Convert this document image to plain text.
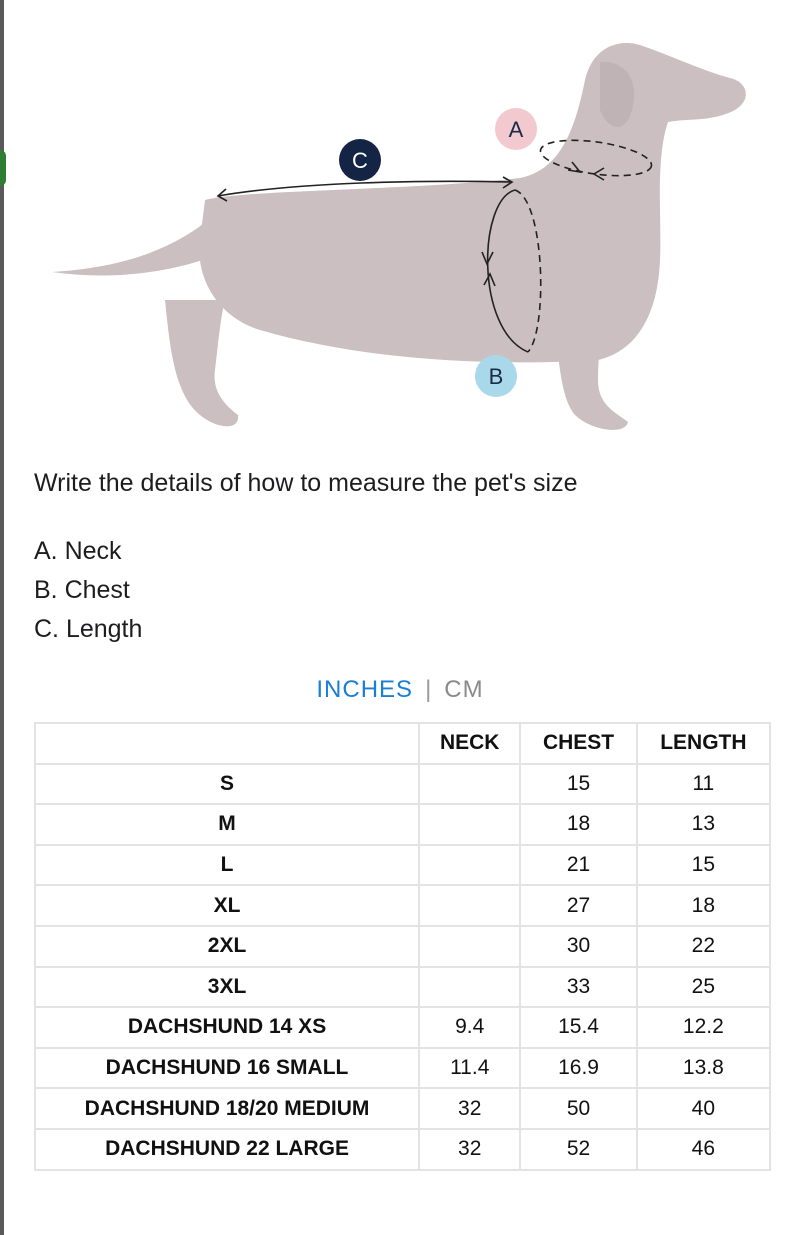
A
B
C
Write the details of how to measure the pet's size
A. Neck
B. Chest
C. Length
INCHES | CM
	NECK	CHEST	LENGTH
S		15	11
M		18	13
L		21	15
XL		27	18
2XL		30	22
3XL		33	25
DACHSHUND 14 XS	9.4	15.4	12.2
DACHSHUND 16 SMALL	11.4	16.9	13.8
DACHSHUND 18/20 MEDIUM	32	50	40
DACHSHUND 22 LARGE	32	52	46
